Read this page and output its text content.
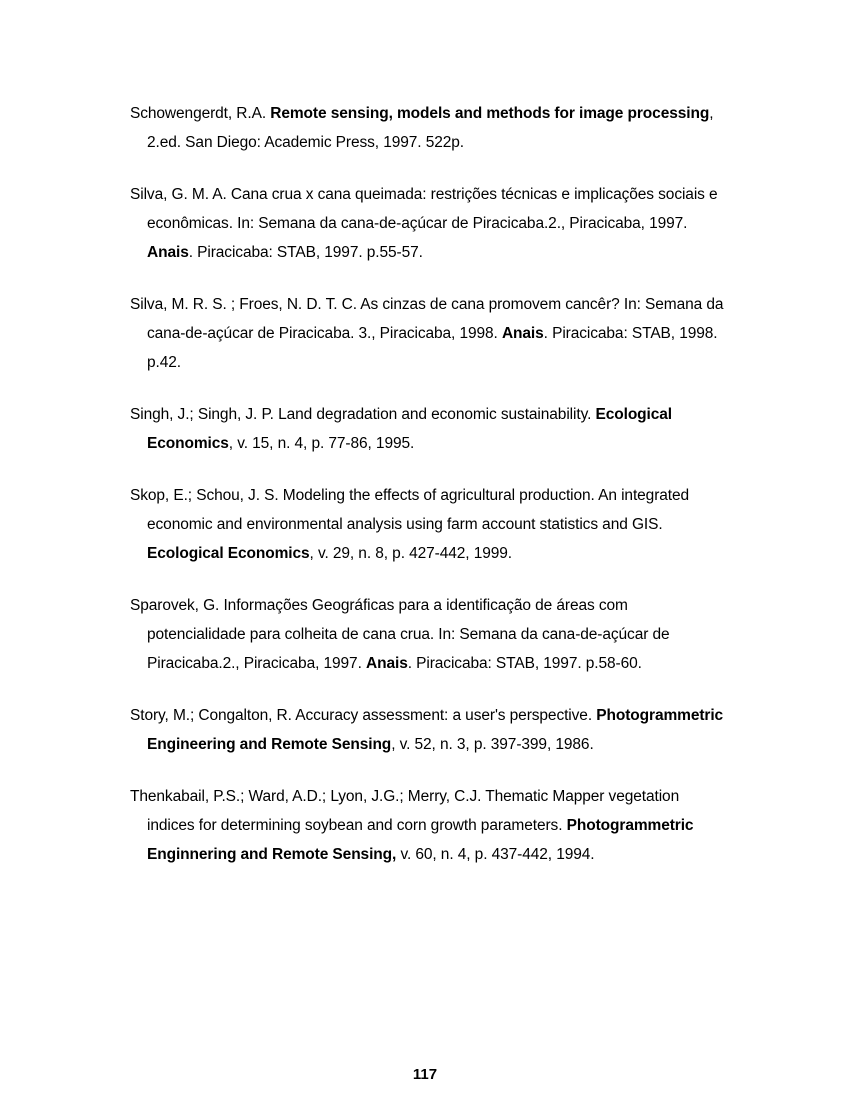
Schowengerdt, R.A. Remote sensing, models and methods for image processing, 2.ed. San Diego: Academic Press, 1997. 522p.
Silva, G. M. A. Cana crua x cana queimada: restrições técnicas e implicações sociais e econômicas. In: Semana da cana-de-açúcar de Piracicaba.2., Piracicaba, 1997. Anais. Piracicaba: STAB, 1997. p.55-57.
Silva, M. R. S. ; Froes, N. D. T. C. As cinzas de cana promovem cancêr? In: Semana da cana-de-açúcar de Piracicaba. 3., Piracicaba, 1998. Anais. Piracicaba: STAB, 1998. p.42.
Singh, J.; Singh, J. P. Land degradation and economic sustainability. Ecological Economics, v. 15, n. 4, p. 77-86, 1995.
Skop, E.; Schou, J. S. Modeling the effects of agricultural production. An integrated economic and environmental analysis using farm account statistics and GIS. Ecological Economics, v. 29, n. 8, p. 427-442, 1999.
Sparovek, G. Informações Geográficas para a identificação de áreas com potencialidade para colheita de cana crua. In: Semana da cana-de-açúcar de Piracicaba.2., Piracicaba, 1997. Anais. Piracicaba: STAB, 1997. p.58-60.
Story, M.; Congalton, R. Accuracy assessment: a user's perspective. Photogrammetric Engineering and Remote Sensing, v. 52, n. 3, p. 397-399, 1986.
Thenkabail, P.S.; Ward, A.D.; Lyon, J.G.; Merry, C.J. Thematic Mapper vegetation indices for determining soybean and corn growth parameters. Photogrammetric Enginnering and Remote Sensing, v. 60, n. 4, p. 437-442, 1994.
117
